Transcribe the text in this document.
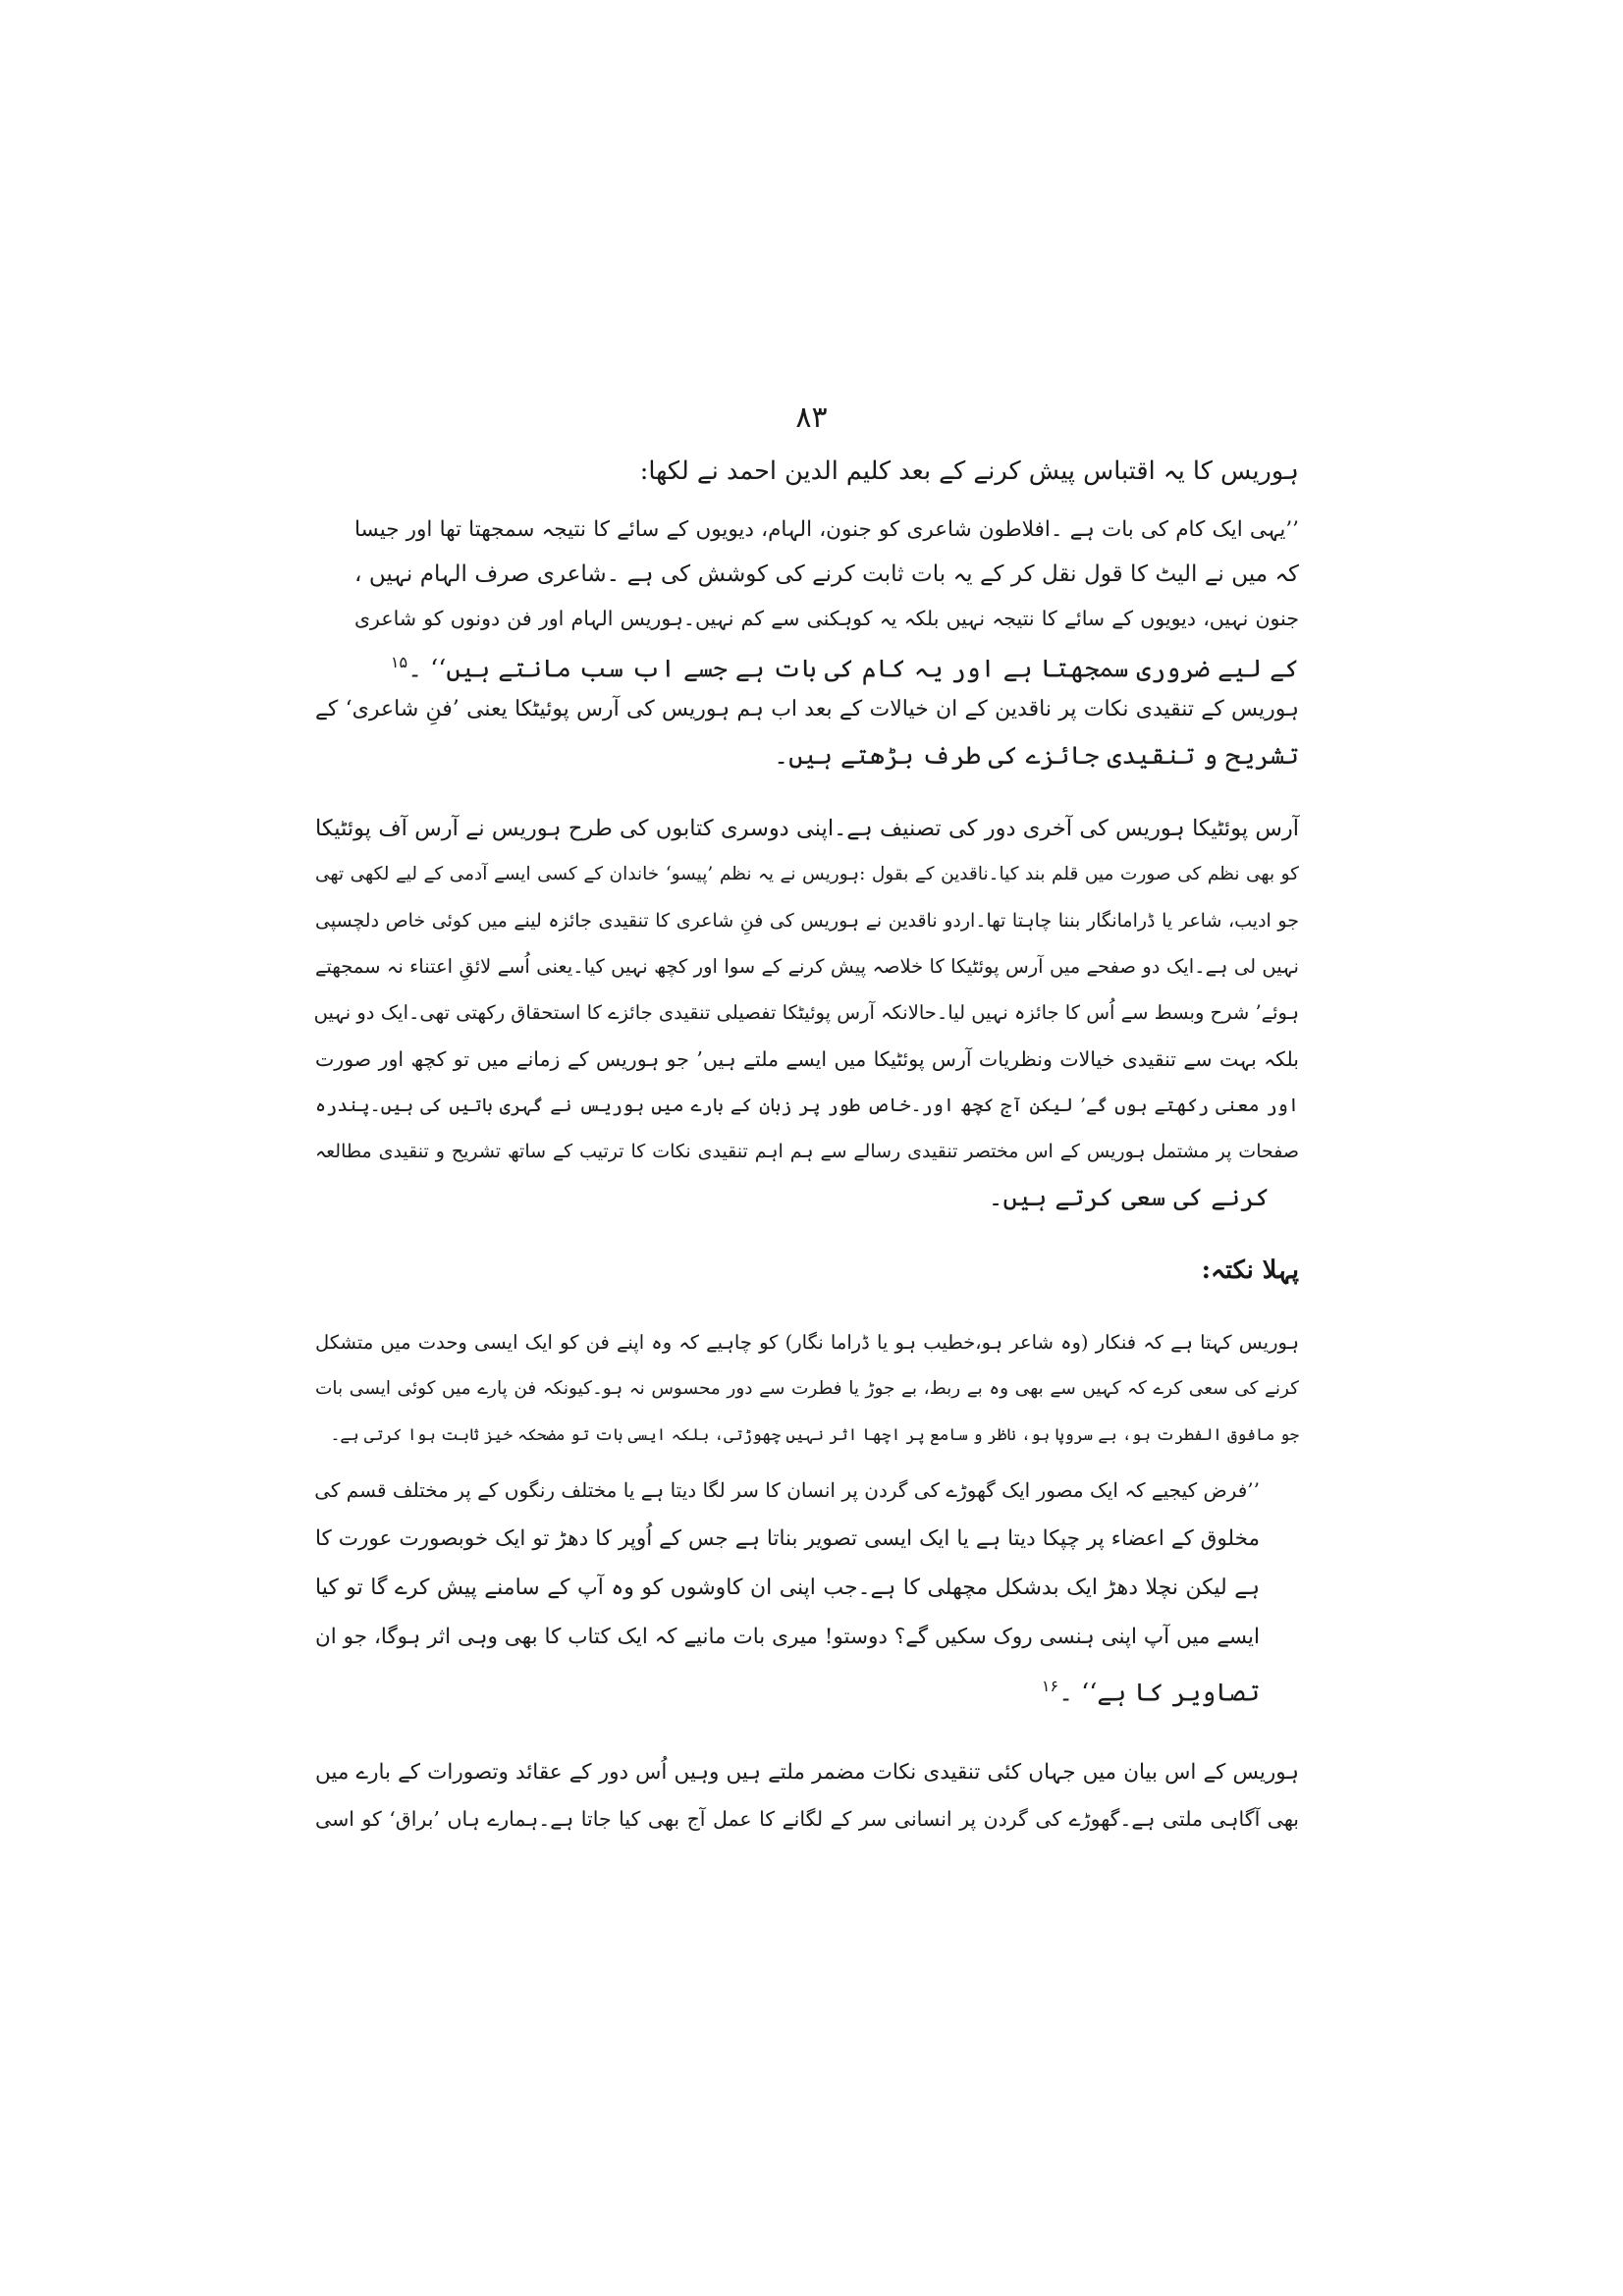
۸۳
ہوریس کا یہ اقتباس پیش کرنے کے بعد کلیم الدین احمد نے لکھا:
’’یہی ایک کام کی بات ہے ۔افلاطون شاعری کو جنون، الہام، دیویوں کے سائے کا نتیجہ سمجھتا تھا اور جیسا
کہ میں نے الیٹ کا قول نقل کر کے یہ بات ثابت کرنے کی کوشش کی ہے ۔شاعری صرف الہام نہیں ،
جنون نہیں، دیویوں کے سائے کا نتیجہ نہیں بلکہ یہ کوہکنی سے کم نہیں۔ہوریس الہام اور فن دونوں کو شاعری
کے لیے ضروری سمجھتا ہے اور یہ کام کی بات ہے جسے اب سب مانتے ہیں‘‘ ۔$^{۱۵}$
ہوریس کے تنقیدی نکات پر ناقدین کے ان خیالات کے بعد اب ہم ہوریس کی آرس پوئیٹکا یعنی ’فنِ شاعری‘ کے
تشریح و تنقیدی جائزے کی طرف بڑھتے ہیں۔
آرس پوئٹیکا ہوریس کی آخری دور کی تصنیف ہے۔اپنی دوسری کتابوں کی طرح ہوریس نے آرس آف پوئٹیکا
کو بھی نظم کی صورت میں قلم بند کیا۔ناقدین کے بقول :ہوریس نے یہ نظم ’پیسو‘ خاندان کے کسی ایسے آدمی کے لیے لکھی تھی
جو ادیب، شاعر یا ڈرامانگار بننا چاہتا تھا۔اردو ناقدین نے ہوریس کی فنِ شاعری کا تنقیدی جائزہ لینے میں کوئی خاص دلچسپی
نہیں لی ہے۔ایک دو صفحے میں آرس پوئٹیکا کا خلاصہ پیش کرنے کے سوا اور کچھ نہیں کیا۔یعنی اُسے لائقِ اعتناء نہ سمجھتے
ہوئے’ شرح وبسط سے اُس کا جائزہ نہیں لیا۔حالانکہ آرس پوئیٹکا تفصیلی تنقیدی جائزے کا استحقاق رکھتی تھی۔ایک دو نہیں
بلکہ بہت سے تنقیدی خیالات ونظریات آرس پوئٹیکا میں ایسے ملتے ہیں’ جو ہوریس کے زمانے میں تو کچھ اور صورت
اور معنی رکھتے ہوں گے’ لیکن آج کچھ اور۔خاص طور پر زبان کے بارے میں ہوریس نے گہری باتیں کی ہیں۔پندرہ
صفحات پر مشتمل ہوریس کے اس مختصر تنقیدی رسالے سے ہم اہم تنقیدی نکات کا ترتیب کے ساتھ تشریح و تنقیدی مطالعہ
کرنے کی سعی کرتے ہیں۔
پہلا نکتہ:
ہوریس کہتا ہے کہ فنکار (وہ شاعر ہو،خطیب ہو یا ڈراما نگار) کو چاہیے کہ وہ اپنے فن کو ایک ایسی وحدت میں متشکل
کرنے کی سعی کرے کہ کہیں سے بھی وہ بے ربط، بے جوڑ یا فطرت سے دور محسوس نہ ہو۔کیونکہ فن پارے میں کوئی ایسی بات
جو مافوق الفطرت ہو، بے سروپا ہو، ناظر و سامع پر اچھا اثر نہیں چھوڑتی، بلکہ ایسی بات تو مضحکہ خیز ثابت ہوا کرتی ہے۔
’’فرض کیجیے کہ ایک مصور ایک گھوڑے کی گردن پر انسان کا سر لگا دیتا ہے یا مختلف رنگوں کے پر مختلف قسم کی
مخلوق کے اعضاء پر چپکا دیتا ہے یا ایک ایسی تصویر بناتا ہے جس کے اُوپر کا دھڑ تو ایک خوبصورت عورت کا
ہے لیکن نچلا دھڑ ایک بدشکل مچھلی کا ہے۔جب اپنی ان کاوشوں کو وہ آپ کے سامنے پیش کرے گا تو کیا
ایسے میں آپ اپنی ہنسی روک سکیں گے؟ دوستو! میری بات مانیے کہ ایک کتاب کا بھی وہی اثر ہوگا، جو ان
تصاویر کا ہے‘‘ ۔$^{۱۶}$
ہوریس کے اس بیان میں جہاں کئی تنقیدی نکات مضمر ملتے ہیں وہیں اُس دور کے عقائد وتصورات کے بارے میں
بھی آگاہی ملتی ہے۔گھوڑے کی گردن پر انسانی سر کے لگانے کا عمل آج بھی کیا جاتا ہے۔ہمارے ہاں ’براق‘ کو اسی
